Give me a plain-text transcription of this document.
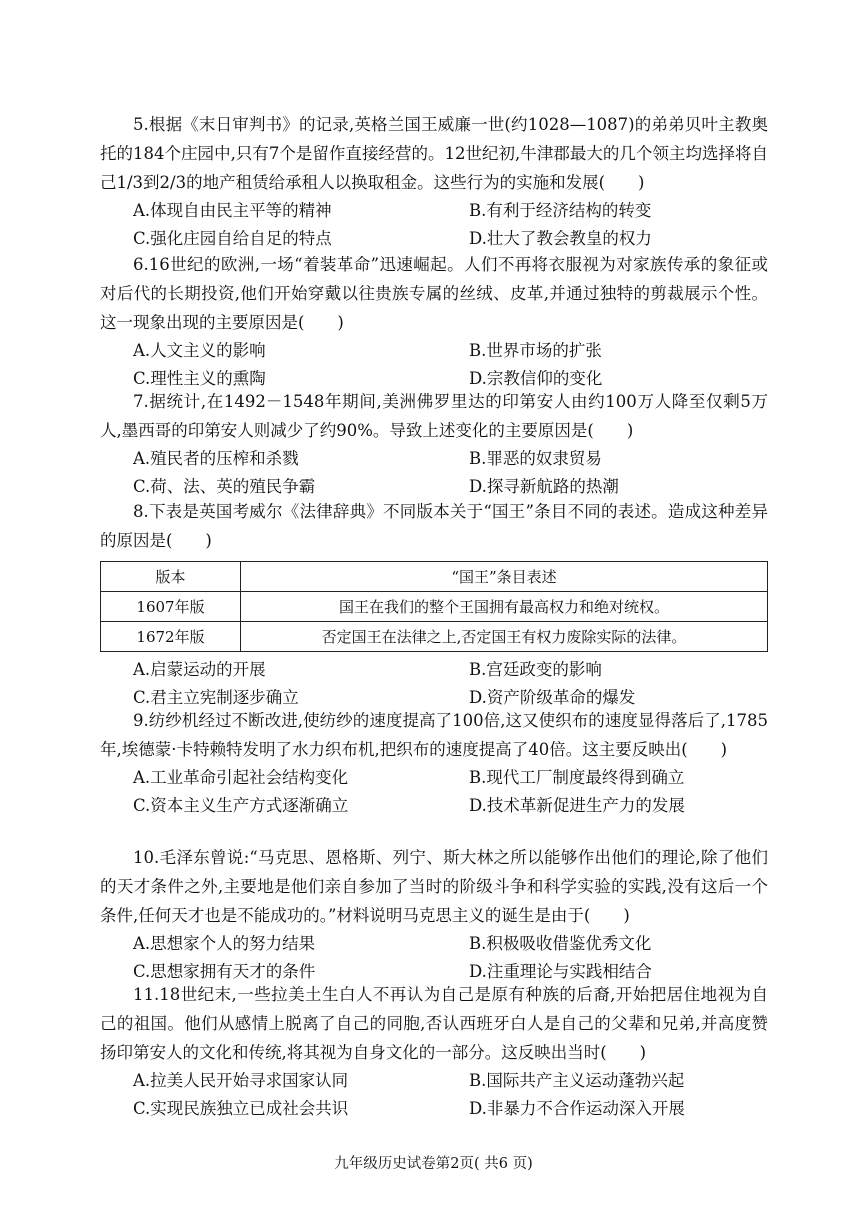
5.根据《末日审判书》的记录,英格兰国王威廉一世(约1028—1087)的弟弟贝叶主教奥托的184个庄园中,只有7个是留作直接经营的。12世纪初,牛津郡最大的几个领主均选择将自己1/3到2/3的地产租赁给承租人以换取租金。这些行为的实施和发展(　　)

A.体现自由民主平等的精神	B.有利于经济结构的转变
C.强化庄园自给自足的特点	D.壮大了教会教皇的权力

6.16世纪的欧洲,一场“着装革命”迅速崛起。人们不再将衣服视为对家族传承的象征或对后代的长期投资,他们开始穿戴以往贵族专属的丝绒、皮革,并通过独特的剪裁展示个性。这一现象出现的主要原因是(　　)

A.人文主义的影响	B.世界市场的扩张
C.理性主义的熏陶	D.宗教信仰的变化

7.据统计,在1492－1548年期间,美洲佛罗里达的印第安人由约100万人降至仅剩5万人,墨西哥的印第安人则减少了约90%。导致上述变化的主要原因是(　　)

A.殖民者的压榨和杀戮	B.罪恶的奴隶贸易
C.荷、法、英的殖民争霸	D.探寻新航路的热潮

8.下表是英国考威尔《法律辞典》不同版本关于“国王”条目不同的表述。造成这种差异的原因是(　　)

版本	“国王”条目表述
1607年版	国王在我们的整个王国拥有最高权力和绝对统权。
1672年版	否定国王在法律之上,否定国王有权力废除实际的法律。
A.启蒙运动的开展	B.宫廷政变的影响
C.君主立宪制逐步确立	D.资产阶级革命的爆发

9.纺纱机经过不断改进,使纺纱的速度提高了100倍,这又使织布的速度显得落后了,1785年,埃德蒙·卡特赖特发明了水力织布机,把织布的速度提高了40倍。这主要反映出(　　)

A.工业革命引起社会结构变化	B.现代工厂制度最终得到确立
C.资本主义生产方式逐渐确立	D.技术革新促进生产力的发展

10.毛泽东曾说:“马克思、恩格斯、列宁、斯大林之所以能够作出他们的理论,除了他们的天才条件之外,主要地是他们亲自参加了当时的阶级斗争和科学实验的实践,没有这后一个条件,任何天才也是不能成功的。”材料说明马克思主义的诞生是由于(　　)

A.思想家个人的努力结果	B.积极吸收借鉴优秀文化
C.思想家拥有天才的条件	D.注重理论与实践相结合

11.18世纪末,一些拉美土生白人不再认为自己是原有种族的后裔,开始把居住地视为自己的祖国。他们从感情上脱离了自己的同胞,否认西班牙白人是自己的父辈和兄弟,并高度赞扬印第安人的文化和传统,将其视为自身文化的一部分。这反映出当时(　　)

A.拉美人民开始寻求国家认同	B.国际共产主义运动蓬勃兴起
C.实现民族独立已成社会共识	D.非暴力不合作运动深入开展
九年级历史试卷第2页( 共6 页)
